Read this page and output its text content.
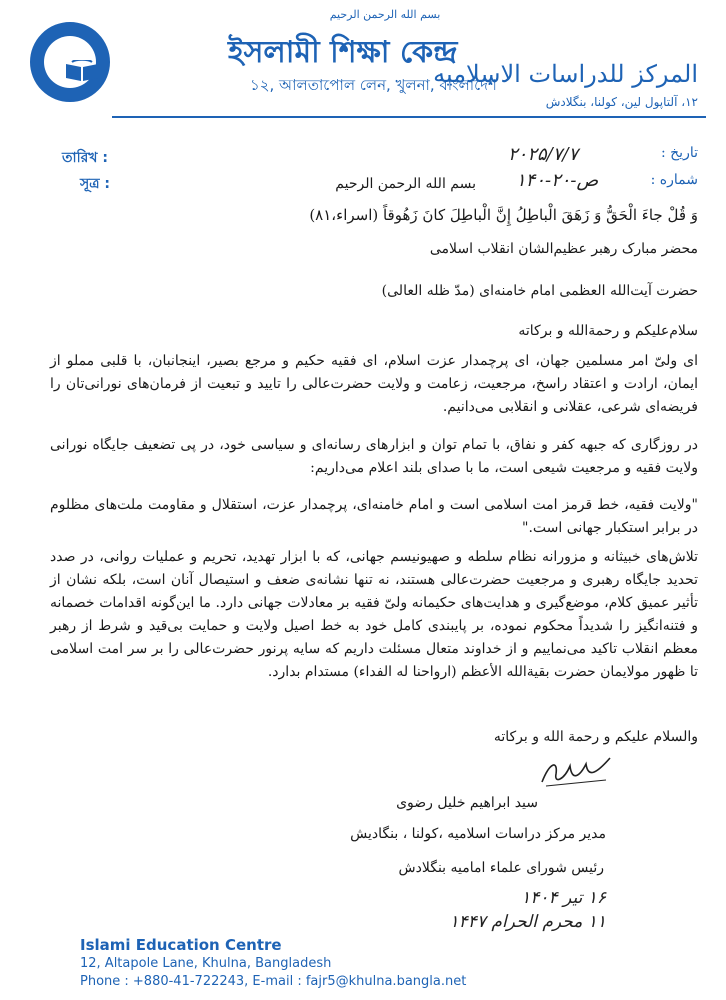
بسم الله الرحمن الرحيم
ইসলামী শিক্ষা কেন্দ্র
১২, আলতাপোল লেন, খুলনা, বাংলাদেশ
المركز للدراسات الاسلاميه
١٢، آلتاپول لين، کولنا، بنگلادش
তারিখ :
সূত্র :
تاریخ :
شماره :
۲۰۲۵/۷/۷
۱۴۰-۲۰-ص
بسم الله الرحمن الرحیم
وَ قُلْ جاءَ الْحَقُّ وَ زَهَقَ الْباطِلُ إِنَّ الْباطِلَ کانَ زَهُوقاً (اسراء،۸۱)
محضر مبارک رهبر عظیم‌الشان انقلاب اسلامی
حضرت آیت‌الله العظمی امام خامنه‌ای (مدّ ظله العالی)
سلام‌علیکم و رحمة‌الله و برکاته
ای ولیّ امر مسلمین جهان، ای پرچمدار عزت اسلام، ای فقیه حکیم و مرجع بصیر، اینجانبان، با قلبی مملو از ایمان، ارادت و اعتقاد راسخ، مرجعیت، زعامت و ولایت حضرت‌عالی را تایید و تبعیت از فرمان‌های نورانی‌تان را فریضه‌ای شرعی، عقلانی و انقلابی می‌دانیم.
در روزگاری که جبهه کفر و نفاق، با تمام توان و ابزارهای رسانه‌ای و سیاسی خود، در پی تضعیف جایگاه نورانی ولایت فقیه و مرجعیت شیعی است، ما با صدای بلند اعلام می‌داریم:
"ولایت فقیه، خط قرمز امت اسلامی است و امام خامنه‌ای، پرچمدار عزت، استقلال و مقاومت ملت‌های مظلوم در برابر استکبار جهانی است."
تلاش‌های خبیثانه و مزورانه نظام سلطه و صهیونیسم جهانی، که با ابزار تهدید، تحریم و عملیات روانی، در صدد تحدید جایگاه رهبری و مرجعیت حضرت‌عالی هستند، نه تنها نشانه‌ی ضعف و استیصال آنان است، بلکه نشان از تأثیر عمیق کلام، موضع‌گیری و هدایت‌های حکیمانه ولیّ فقیه بر معادلات جهانی دارد. ما این‌گونه اقدامات خصمانه و فتنه‌انگیز را شدیداً محکوم نموده، بر پایبندی کامل خود به خط اصیل ولایت و حمایت بی‌قید و شرط از رهبر معظم انقلاب تاکید می‌نماییم و از خداوند متعال مسئلت داریم که سایه پرنور حضرت‌عالی را بر سر امت اسلامی تا ظهور مولایمان حضرت بقیة‌الله الأعظم (ارواحنا له الفداء) مستدام بدارد.
والسلام علیکم و رحمة الله و برکاته
سید ابراهیم خلیل رضوی
مدیر مرکز دراسات اسلامیه ،کولنا ، بنگادیش
رئیس شورای علماء امامیه بنگلادش
۱۶ تیر ۱۴۰۴
۱۱ محرم الحرام ۱۴۴۷
Islami Education Centre
12, Altapole Lane, Khulna, Bangladesh
Phone : +880-41-722243, E-mail : fajr5@khulna.bangla.net
